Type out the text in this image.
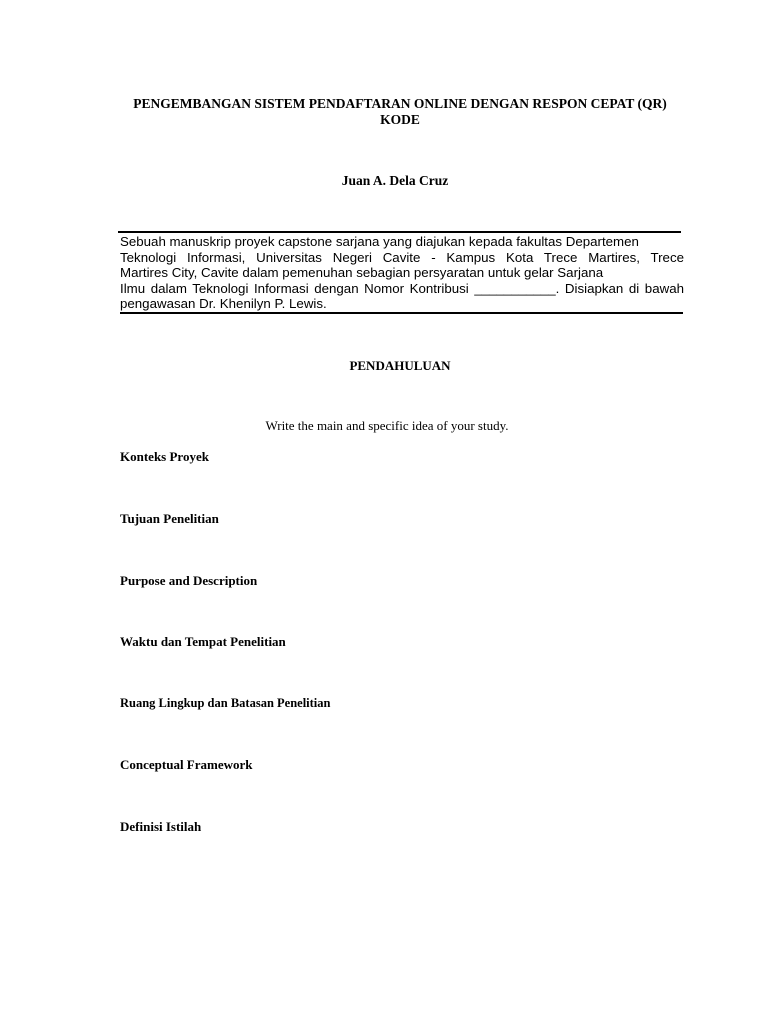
PENGEMBANGAN SISTEM PENDAFTARAN ONLINE DENGAN RESPON CEPAT (QR)
KODE
Juan A. Dela Cruz
Sebuah manuskrip proyek capstone sarjana yang diajukan kepada fakultas Departemen
Teknologi Informasi, Universitas Negeri Cavite - Kampus Kota Trece Martires, Trece
Martires City, Cavite dalam pemenuhan sebagian persyaratan untuk gelar Sarjana
Ilmu dalam Teknologi Informasi dengan Nomor Kontribusi ___________. Disiapkan di bawah
pengawasan Dr. Khenilyn P. Lewis.
PENDAHULUAN
Write the main and specific idea of your study.
Konteks Proyek
Tujuan Penelitian
Purpose and Description
Waktu dan Tempat Penelitian
Ruang Lingkup dan Batasan Penelitian
Conceptual Framework
Definisi Istilah
